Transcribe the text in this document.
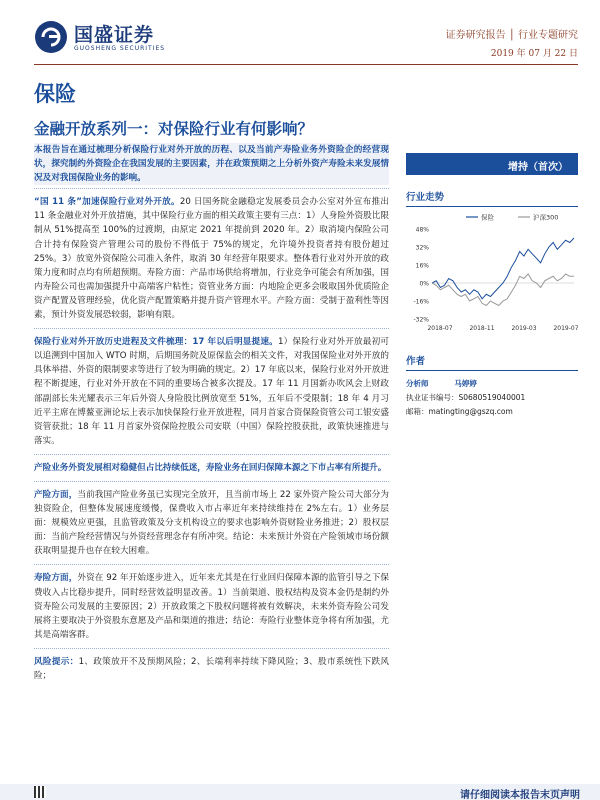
国盛证券
GUOSHENG SECURITIES
证券研究报告 │ 行业专题研究
2019 年 07 月 22 日
保险
金融开放系列一：对保险行业有何影响？
本报告旨在通过梳理分析保险行业对外开放的历程、以及当前产寿险业务外资险企的经营现状，探究制约外资险企在我国发展的主要因素，并在政策预期之上分析外资产寿险未来发展情况及对我国保险业务的影响。
“国 11 条”加速保险行业对外开放。20 日国务院金融稳定发展委员会办公室对外宣布推出 11 条金融业对外开放措施，其中保险行业方面的相关政策主要有三点：1）人身险外资股比限制从 51%提高至 100%的过渡期，由原定 2021 年提前到 2020 年。2）取消境内保险公司合计持有保险资产管理公司的股份不得低于 75%的规定，允许境外投资者持有股份超过 25%。3）放宽外资保险公司准入条件，取消 30 年经营年限要求。整体看行业对外开放的政策力度和时点均有所超预期。寿险方面：产品市场供给将增加，行业竞争可能会有所加强，国内寿险公司也需加强提升中高端客户粘性；资管业务方面：内地险企更多会吸取国外优质险企资产配置及管理经验，优化资产配置策略并提升资产管理水平。产险方面：受制于盈利性等因素，预计外资发展恐较弱，影响有限。
保险行业对外开放历史进程及文件梳理：17 年以后明显提速。1）保险行业对外开放最初可以追溯到中国加入 WTO 时期，后期国务院及原保监会的相关文件，对我国保险业对外开放的具体举措、外资的限制要求等进行了较为明确的规定。2）17 年底以来，保险行业对外开放进程不断提速，行业对外开放在不同的重要场合被多次提及。17 年 11 月国新办吹风会上财政部副部长朱光耀表示三年后外资人身险股比例放宽至 51%，五年后不受限制；18 年 4 月习近平主席在博鳌亚洲论坛上表示加快保险行业开放进程，同月首家合资保险资管公司工银安盛资管获批；18 年 11 月首家外资保险控股公司安联（中国）保险控股获批，政策快速推进与落实。
产险业务外资发展相对稳健但占比持续低迷，寿险业务在回归保障本源之下市占率有所提升。
产险方面，当前我国产险业务虽已实现完全放开，且当前市场上 22 家外资产险公司大部分为独资险企，但整体发展速度缓慢，保费收入市占率近年来持续维持在 2%左右。1）业务层面：规模效应更强，且监管政策及分支机构设立的要求也影响外资财险业务推进；2）股权层面：当前产险经营情况与外资经营理念存有所冲突。结论：未来预计外资在产险领域市场份额获取明显提升也存在较大困难。
寿险方面，外资在 92 年开始逐步进入，近年来尤其是在行业回归保障本源的监管引导之下保费收入占比稳步提升，同时经营效益明显改善。1）当前渠道、股权结构及资本金仍是制约外资寿险公司发展的主要原因；2）开放政策之下股权问题将被有效解决，未来外资寿险公司发展将主要取决于外资股东意愿及产品和渠道的推进；结论：寿险行业整体竞争将有所加强，尤其是高端客群。
风险提示：1、政策放开不及预期风险；2、长端利率持续下降风险；3、股市系统性下跌风险；
增持（首次）
行业走势
48%
32%
16%
0%
-16%
-32%
2018-07	2018-11	2019-03	2019-07
保险	沪深300
作者
分析师	马婷婷
执业证书编号：S0680519040001
邮箱：matingting@gszq.com
请仔细阅读本报告末页声明
